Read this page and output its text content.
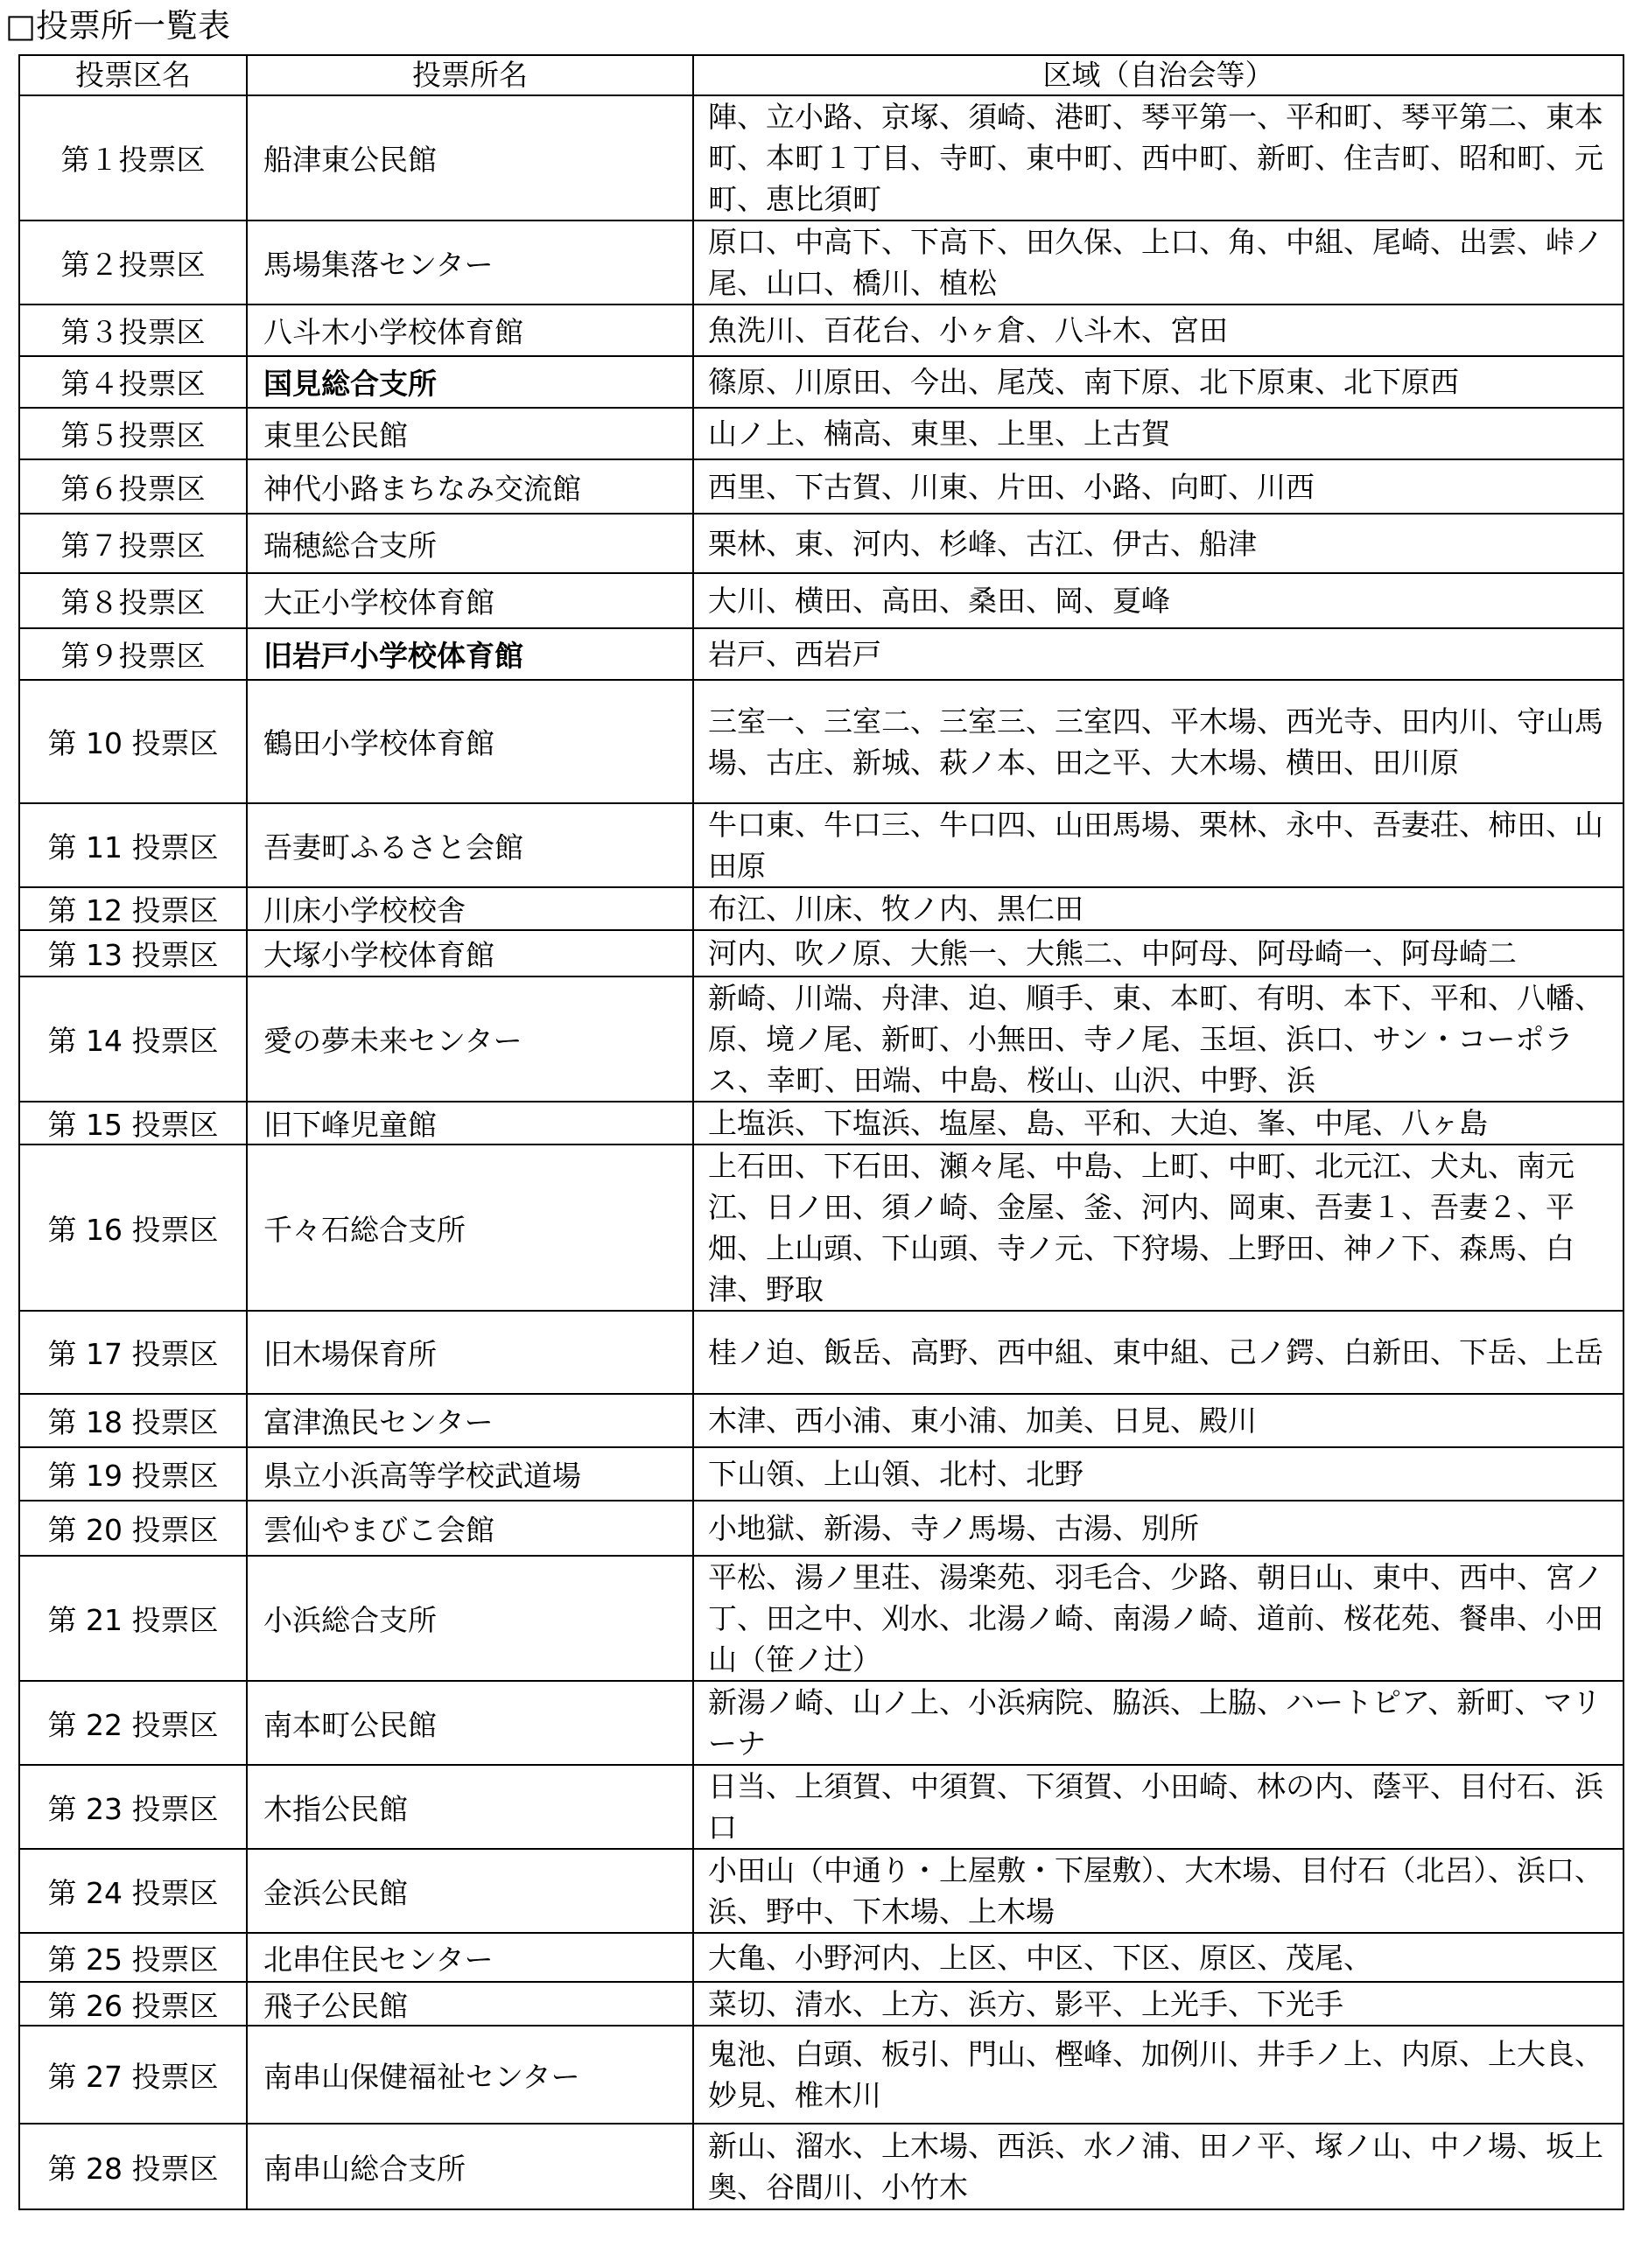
□投票所一覧表
投票区名	投票所名	区域（自治会等）
第１投票区	船津東公民館	陣、立小路、京塚、須崎、港町、琴平第一、平和町、琴平第二、東本町、本町１丁目、寺町、東中町、西中町、新町、住吉町、昭和町、元町、恵比須町
第２投票区	馬場集落センター	原口、中高下、下高下、田久保、上口、角、中組、尾崎、出雲、峠ノ尾、山口、橋川、植松
第３投票区	八斗木小学校体育館	魚洗川、百花台、小ヶ倉、八斗木、宮田
第４投票区	国見総合支所	篠原、川原田、今出、尾茂、南下原、北下原東、北下原西
第５投票区	東里公民館	山ノ上、楠高、東里、上里、上古賀
第６投票区	神代小路まちなみ交流館	西里、下古賀、川東、片田、小路、向町、川西
第７投票区	瑞穂総合支所	栗林、東、河内、杉峰、古江、伊古、船津
第８投票区	大正小学校体育館	大川、横田、高田、桑田、岡、夏峰
第９投票区	旧岩戸小学校体育館	岩戸、西岩戸
第 10 投票区	鶴田小学校体育館	三室一、三室二、三室三、三室四、平木場、西光寺、田内川、守山馬場、古庄、新城、萩ノ本、田之平、大木場、横田、田川原
第 11 投票区	吾妻町ふるさと会館	牛口東、牛口三、牛口四、山田馬場、栗林、永中、吾妻荘、柿田、山田原
第 12 投票区	川床小学校校舎	布江、川床、牧ノ内、黒仁田
第 13 投票区	大塚小学校体育館	河内、吹ノ原、大熊一、大熊二、中阿母、阿母崎一、阿母崎二
第 14 投票区	愛の夢未来センター	新崎、川端、舟津、迫、順手、東、本町、有明、本下、平和、八幡、原、境ノ尾、新町、小無田、寺ノ尾、玉垣、浜口、サン・コーポラス、幸町、田端、中島、桜山、山沢、中野、浜
第 15 投票区	旧下峰児童館	上塩浜、下塩浜、塩屋、島、平和、大迫、峯、中尾、八ヶ島
第 16 投票区	千々石総合支所	上石田、下石田、瀬々尾、中島、上町、中町、北元江、犬丸、南元江、日ノ田、須ノ崎、金屋、釜、河内、岡東、吾妻１、吾妻２、平畑、上山頭、下山頭、寺ノ元、下狩場、上野田、神ノ下、森馬、白津、野取
第 17 投票区	旧木場保育所	桂ノ迫、飯岳、高野、西中組、東中組、己ノ鍔、白新田、下岳、上岳
第 18 投票区	富津漁民センター	木津、西小浦、東小浦、加美、日見、殿川
第 19 投票区	県立小浜高等学校武道場	下山領、上山領、北村、北野
第 20 投票区	雲仙やまびこ会館	小地獄、新湯、寺ノ馬場、古湯、別所
第 21 投票区	小浜総合支所	平松、湯ノ里荘、湯楽苑、羽毛合、少路、朝日山、東中、西中、宮ノ丁、田之中、刈水、北湯ノ崎、南湯ノ崎、道前、桜花苑、餐串、小田山（笹ノ辻）
第 22 投票区	南本町公民館	新湯ノ崎、山ノ上、小浜病院、脇浜、上脇、ハートピア、新町、マリーナ
第 23 投票区	木指公民館	日当、上須賀、中須賀、下須賀、小田崎、林の内、蔭平、目付石、浜口
第 24 投票区	金浜公民館	小田山（中通り・上屋敷・下屋敷）、大木場、目付石（北呂）、浜口、浜、野中、下木場、上木場
第 25 投票区	北串住民センター	大亀、小野河内、上区、中区、下区、原区、茂尾、
第 26 投票区	飛子公民館	菜切、清水、上方、浜方、影平、上光手、下光手
第 27 投票区	南串山保健福祉センター	鬼池、白頭、板引、門山、樫峰、加例川、井手ノ上、内原、上大良、妙見、椎木川
第 28 投票区	南串山総合支所	新山、溜水、上木場、西浜、水ノ浦、田ノ平、塚ノ山、中ノ場、坂上奥、谷間川、小竹木
